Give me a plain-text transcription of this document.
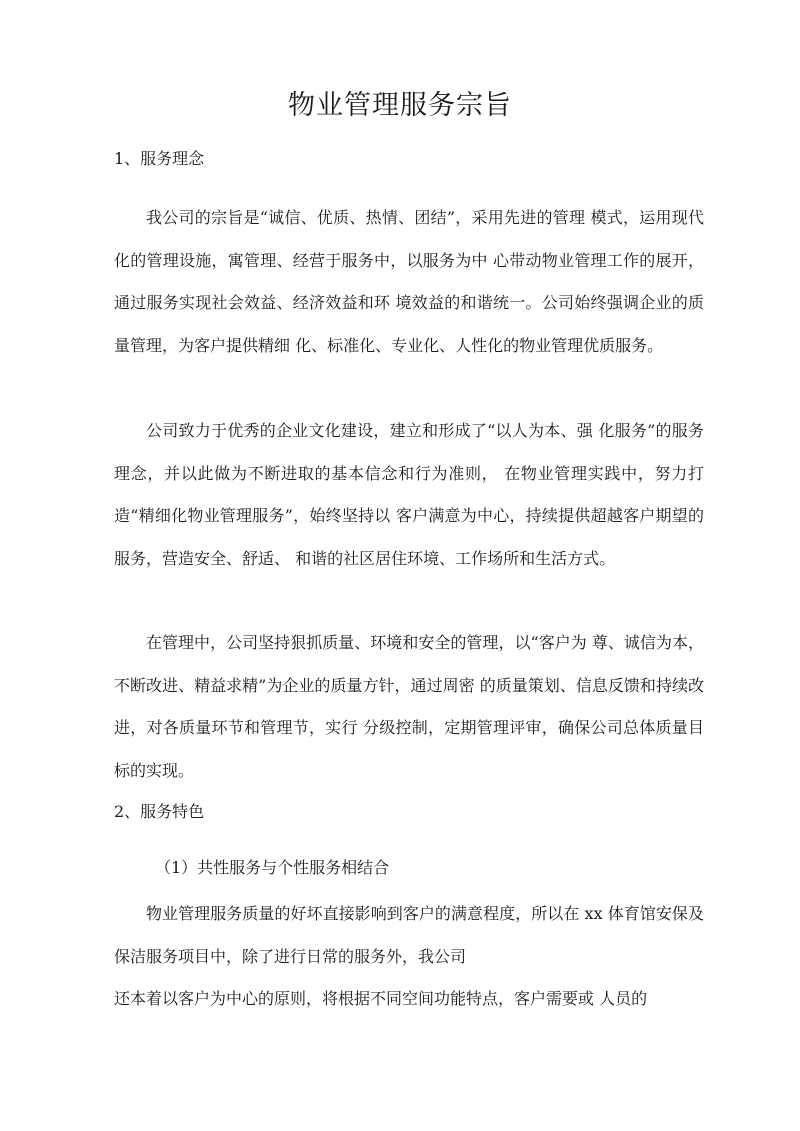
物业管理服务宗旨
1、服务理念
我公司的宗旨是“诚信、优质、热情、团结”，采用先进的管理 模式，运用现代化的管理设施，寓管理、经营于服务中，以服务为中 心带动物业管理工作的展开，通过服务实现社会效益、经济效益和环 境效益的和谐统一。公司始终强调企业的质量管理，为客户提供精细 化、标准化、专业化、人性化的物业管理优质服务。
公司致力于优秀的企业文化建设，建立和形成了“以人为本、强 化服务”的服务理念，并以此做为不断进取的基本信念和行为准则， 在物业管理实践中，努力打造“精细化物业管理服务”，始终坚持以 客户满意为中心，持续提供超越客户期望的服务，营造安全、舒适、 和谐的社区居住环境、工作场所和生活方式。
在管理中，公司坚持狠抓质量、环境和安全的管理，以“客户为 尊、诚信为本，不断改进、精益求精”为企业的质量方针，通过周密 的质量策划、信息反馈和持续改进，对各质量环节和管理节，实行 分级控制，定期管理评审，确保公司总体质量目标的实现。
2、服务特色
（1）共性服务与个性服务相结合
物业管理服务质量的好坏直接影响到客户的满意程度，所以在 xx 体育馆安保及保洁服务项目中，除了进行日常的服务外，我公司
还本着以客户为中心的原则，将根据不同空间功能特点，客户需要或 人员的
